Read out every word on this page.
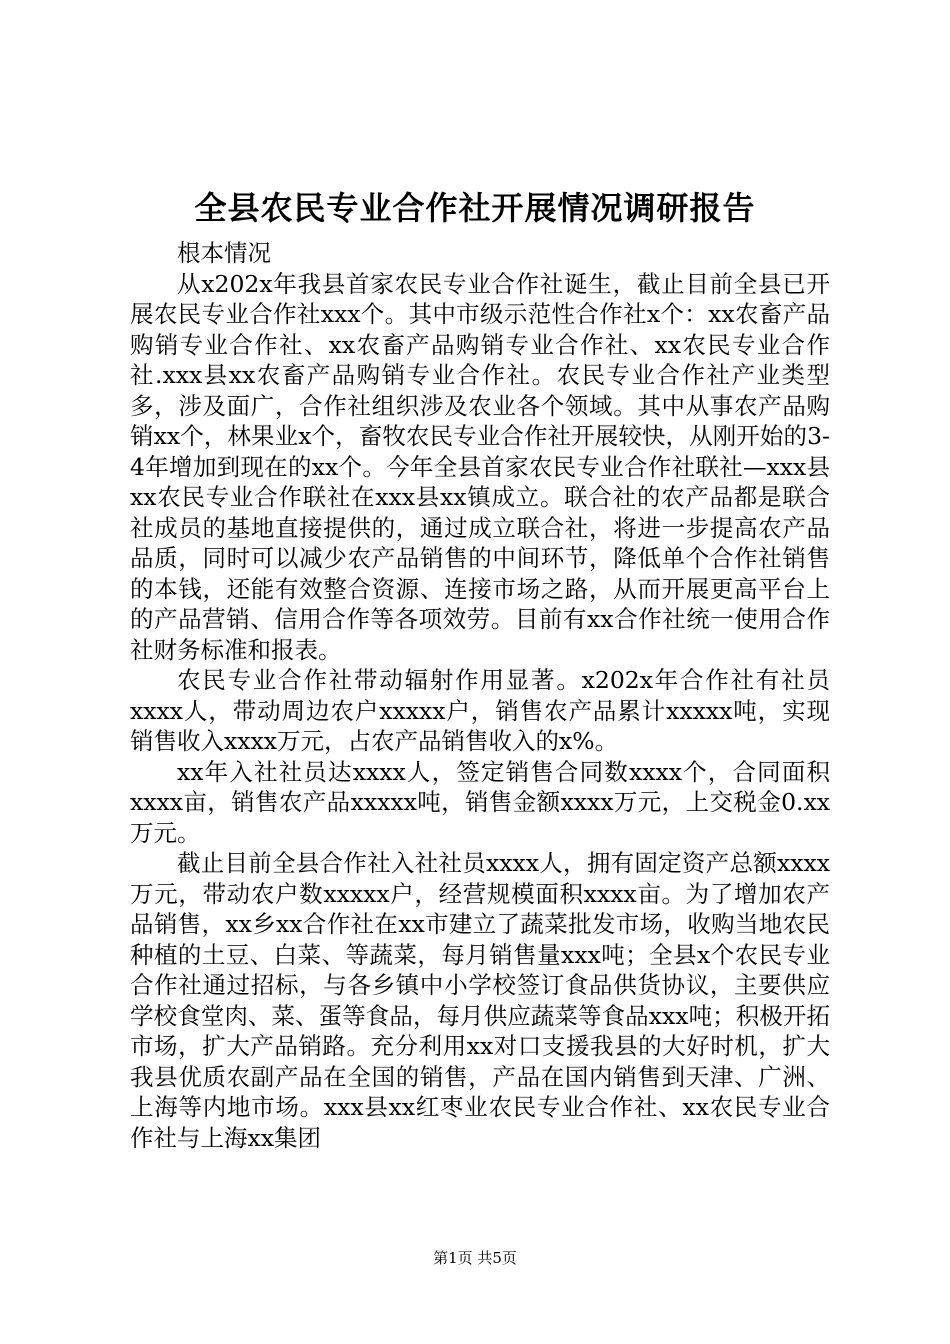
全县农民专业合作社开展情况调研报告

根本情况

从x202x年我县首家农民专业合作社诞生，截止目前全县已开展农民专业合作社xxx个。其中市级示范性合作社x个：xx农畜产品购销专业合作社、xx农畜产品购销专业合作社、xx农民专业合作社.xxx县xx农畜产品购销专业合作社。农民专业合作社产业类型多，涉及面广，合作社组织涉及农业各个领域。其中从事农产品购销xx个，林果业x个，畜牧农民专业合作社开展较快，从刚开始的3-4年增加到现在的xx个。今年全县首家农民专业合作社联社—xxx县xx农民专业合作联社在xxx县xx镇成立。联合社的农产品都是联合社成员的基地直接提供的，通过成立联合社，将进一步提高农产品品质，同时可以减少农产品销售的中间环节，降低单个合作社销售的本钱，还能有效整合资源、连接市场之路，从而开展更高平台上的产品营销、信用合作等各项效劳。目前有xx合作社统一使用合作社财务标准和报表。

农民专业合作社带动辐射作用显著。x202x年合作社有社员xxxx人，带动周边农户xxxxx户，销售农产品累计xxxxx吨，实现销售收入xxxx万元，占农产品销售收入的x%。

xx年入社社员达xxxx人，签定销售合同数xxxx个，合同面积xxxx亩，销售农产品xxxxx吨，销售金额xxxx万元，上交税金0.xx万元。

截止目前全县合作社入社社员xxxx人，拥有固定资产总额xxxx万元，带动农户数xxxxx户，经营规模面积xxxx亩。为了增加农产品销售，xx乡xx合作社在xx市建立了蔬菜批发市场，收购当地农民种植的土豆、白菜、等蔬菜，每月销售量xxx吨；全县x个农民专业合作社通过招标，与各乡镇中小学校签订食品供货协议，主要供应学校食堂肉、菜、蛋等食品，每月供应蔬菜等食品xxx吨；积极开拓市场，扩大产品销路。充分利用xx对口支援我县的大好时机，扩大我县优质农副产品在全国的销售，产品在国内销售到天津、广洲、上海等内地市场。xxx县xx红枣业农民专业合作社、xx农民专业合作社与上海xx集团

第1页 共5页
